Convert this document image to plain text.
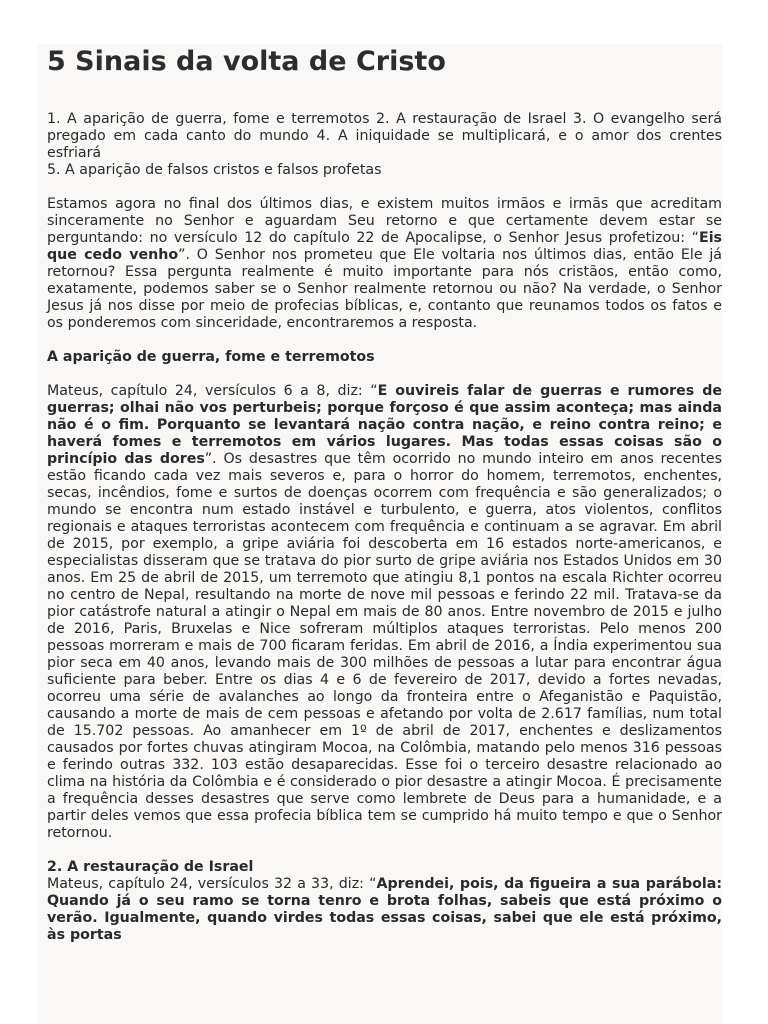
5 Sinais da volta de Cristo

1. A aparição de guerra, fome e terremotos 2. A restauração de Israel 3. O evangelho será pregado em cada canto do mundo 4. A iniquidade se multiplicará, e o amor dos crentes esfriará
5. A aparição de falsos cristos e falsos profetas

Estamos agora no final dos últimos dias, e existem muitos irmãos e irmãs que acreditam sinceramente no Senhor e aguardam Seu retorno e que certamente devem estar se perguntando: no versículo 12 do capítulo 22 de Apocalipse, o Senhor Jesus profetizou: “Eis que cedo venho”. O Senhor nos prometeu que Ele voltaria nos últimos dias, então Ele já retornou? Essa pergunta realmente é muito importante para nós cristãos, então como, exatamente, podemos saber se o Senhor realmente retornou ou não? Na verdade, o Senhor Jesus já nos disse por meio de profecias bíblicas, e, contanto que reunamos todos os fatos e os ponderemos com sinceridade, encontraremos a resposta.

A aparição de guerra, fome e terremotos

Mateus, capítulo 24, versículos 6 a 8, diz: “E ouvireis falar de guerras e rumores de guerras; olhai não vos perturbeis; porque forçoso é que assim aconteça; mas ainda não é o fim. Porquanto se levantará nação contra nação, e reino contra reino; e haverá fomes e terremotos em vários lugares. Mas todas essas coisas são o princípio das dores”. Os desastres que têm ocorrido no mundo inteiro em anos recentes estão ficando cada vez mais severos e, para o horror do homem, terremotos, enchentes, secas, incêndios, fome e surtos de doenças ocorrem com frequência e são generalizados; o mundo se encontra num estado instável e turbulento, e guerra, atos violentos, conflitos regionais e ataques terroristas acontecem com frequência e continuam a se agravar. Em abril de 2015, por exemplo, a gripe aviária foi descoberta em 16 estados norte-americanos, e especialistas disseram que se tratava do pior surto de gripe aviária nos Estados Unidos em 30 anos. Em 25 de abril de 2015, um terremoto que atingiu 8,1 pontos na escala Richter ocorreu no centro de Nepal, resultando na morte de nove mil pessoas e ferindo 22 mil. Tratava-se da pior catástrofe natural a atingir o Nepal em mais de 80 anos. Entre novembro de 2015 e julho de 2016, Paris, Bruxelas e Nice sofreram múltiplos ataques terroristas. Pelo menos 200 pessoas morreram e mais de 700 ficaram feridas. Em abril de 2016, a Índia experimentou sua pior seca em 40 anos, levando mais de 300 milhões de pessoas a lutar para encontrar água suficiente para beber. Entre os dias 4 e 6 de fevereiro de 2017, devido a fortes nevadas, ocorreu uma série de avalanches ao longo da fronteira entre o Afeganistão e Paquistão, causando a morte de mais de cem pessoas e afetando por volta de 2.617 famílias, num total de 15.702 pessoas. Ao amanhecer em 1º de abril de 2017, enchentes e deslizamentos causados por fortes chuvas atingiram Mocoa, na Colômbia, matando pelo menos 316 pessoas e ferindo outras 332. 103 estão desaparecidas. Esse foi o terceiro desastre relacionado ao clima na história da Colômbia e é considerado o pior desastre a atingir Mocoa. É precisamente a frequência desses desastres que serve como lembrete de Deus para a humanidade, e a partir deles vemos que essa profecia bíblica tem se cumprido há muito tempo e que o Senhor retornou.

2. A restauração de Israel

Mateus, capítulo 24, versículos 32 a 33, diz: “Aprendei, pois, da figueira a sua parábola: Quando já o seu ramo se torna tenro e brota folhas, sabeis que está próximo o verão. Igualmente, quando virdes todas essas coisas, sabei que ele está próximo, às portas
